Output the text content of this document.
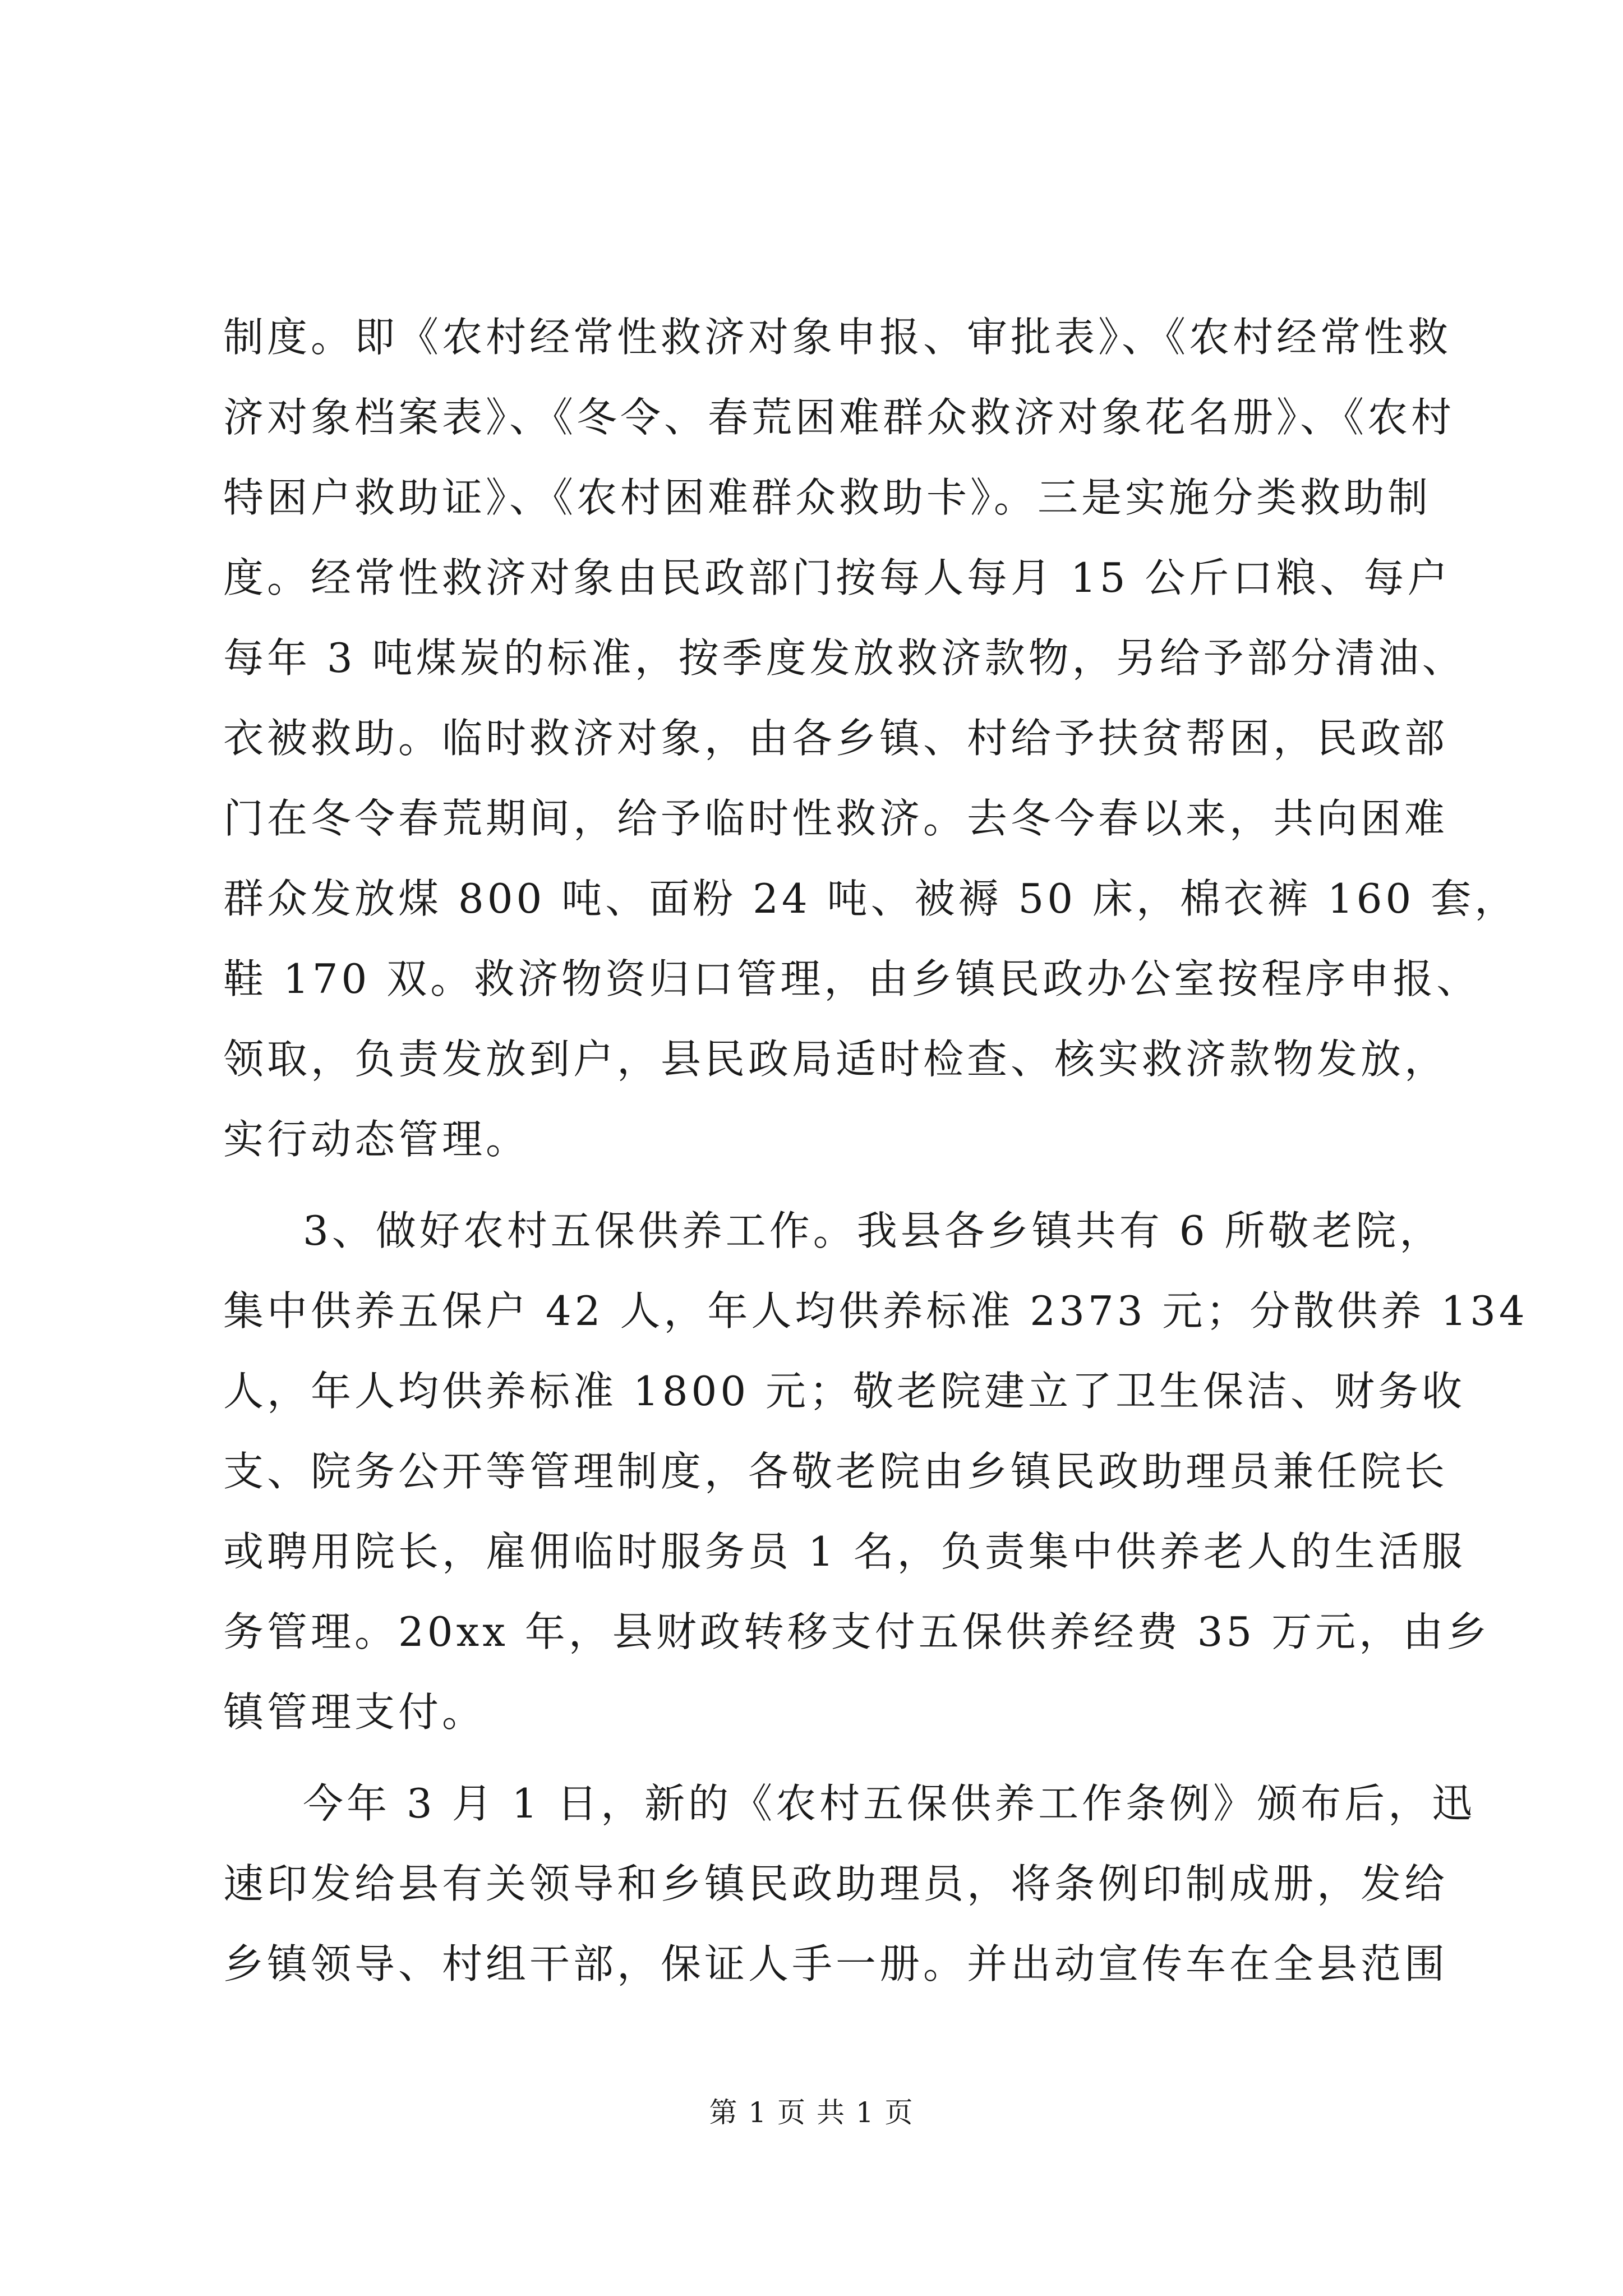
制度。即《农村经常性救济对象申报、审批表》、《农村经常性救
济对象档案表》、《冬令、春荒困难群众救济对象花名册》、《农村
特困户救助证》、《农村困难群众救助卡》。三是实施分类救助制
度。经常性救济对象由民政部门按每人每月 15 公斤口粮、每户
每年 3 吨煤炭的标准，按季度发放救济款物，另给予部分清油、
衣被救助。临时救济对象，由各乡镇、村给予扶贫帮困，民政部
门在冬令春荒期间，给予临时性救济。去冬今春以来，共向困难
群众发放煤 800 吨、面粉 24 吨、被褥 50 床，棉衣裤 160 套，
鞋 170 双。救济物资归口管理，由乡镇民政办公室按程序申报、
领取，负责发放到户，县民政局适时检查、核实救济款物发放，
实行动态管理。
3、做好农村五保供养工作。我县各乡镇共有 6 所敬老院，
集中供养五保户 42 人，年人均供养标准 2373 元；分散供养 134
人，年人均供养标准 1800 元；敬老院建立了卫生保洁、财务收
支、院务公开等管理制度，各敬老院由乡镇民政助理员兼任院长
或聘用院长，雇佣临时服务员 1 名，负责集中供养老人的生活服
务管理。20xx 年，县财政转移支付五保供养经费 35 万元，由乡
镇管理支付。
今年 3 月 1 日，新的《农村五保供养工作条例》颁布后，迅
速印发给县有关领导和乡镇民政助理员，将条例印制成册，发给
乡镇领导、村组干部，保证人手一册。并出动宣传车在全县范围
第 1 页 共 1 页
